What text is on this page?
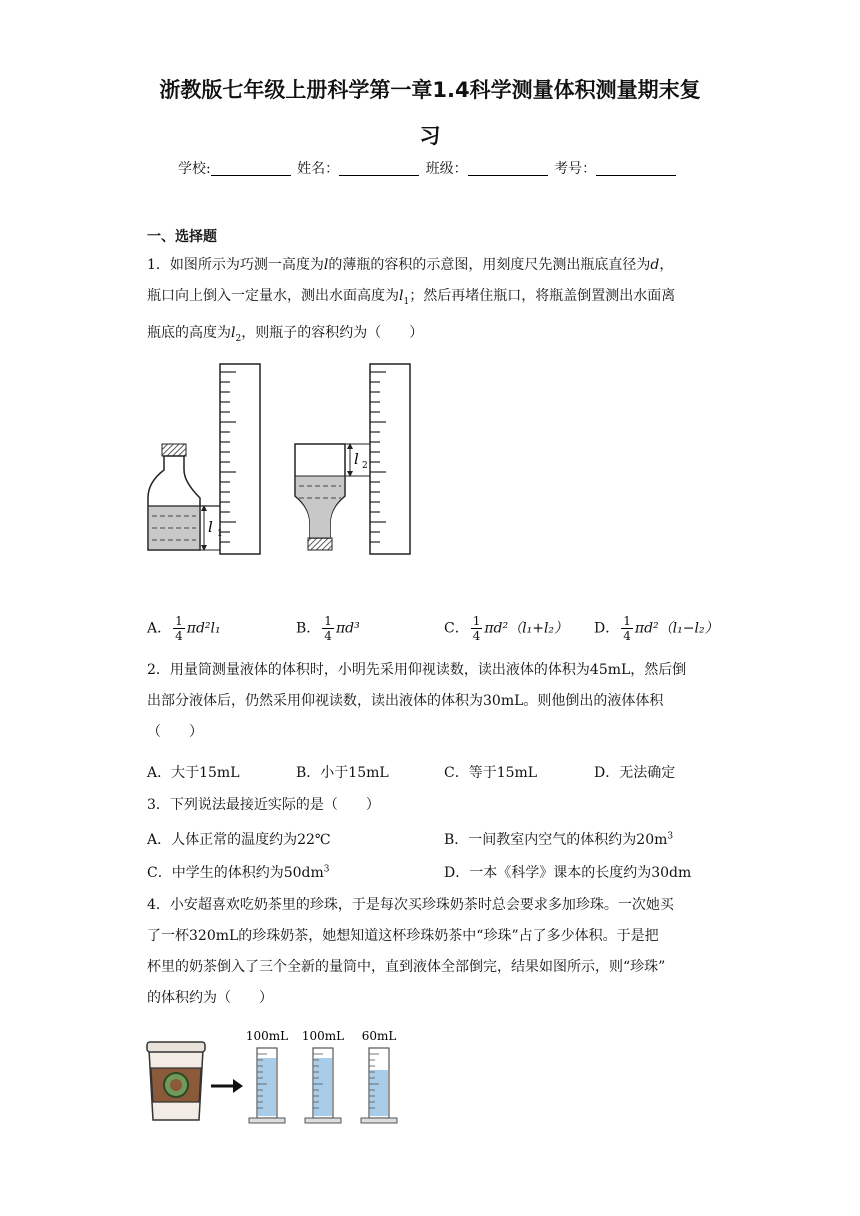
浙教版七年级上册科学第一章1.4科学测量体积测量期末复
习
学校:	姓名：	班级：	考号：
一、选择题
1．如图所示为巧测一高度为l的薄瓶的容积的示意图，用刻度尺先测出瓶底直径为d，
瓶口向上倒入一定量水，测出水面高度为$l_1$；然后再堵住瓶口，将瓶盖倒置测出水面离
瓶底的高度为$l_2$，则瓶子的容积约为（　　）
l 1
l 2
A． $\frac{1}{4} \pi d^2l_1$	B． $\frac{1}{4} \pi d^3$	C． $\frac{1}{4} \pi d^2(l_1+l_2)$ D． $\frac{1}{4} \pi d^2(l_1-l_2)$
2．用量筒测量液体的体积时，小明先采用仰视读数，读出液体的体积为45mL，然后倒
出部分液体后，仍然采用仰视读数，读出液体的体积为30mL。则他倒出的液体体积
（　　）
A．大于15mL	B．小于15mL	C．等于15mL	D．无法确定
3．下列说法最接近实际的是（　　）
A．人体正常的温度约为22℃	B．一间教室内空气的体积约为$20m^3$
C．中学生的体积约为$50dm^3$	D．一本《科学》课本的长度约为30dm
4．小安超喜欢吃奶茶里的珍珠，于是每次买珍珠奶茶时总会要求多加珍珠。一次她买
了一杯320mL的珍珠奶茶，她想知道这杯珍珠奶茶中“珍珠”占了多少体积。于是把
杯里的奶茶倒入了三个全新的量筒中，直到液体全部倒完，结果如图所示，则“珍珠”
的体积约为（　　）
100mL 100mL 60mL
